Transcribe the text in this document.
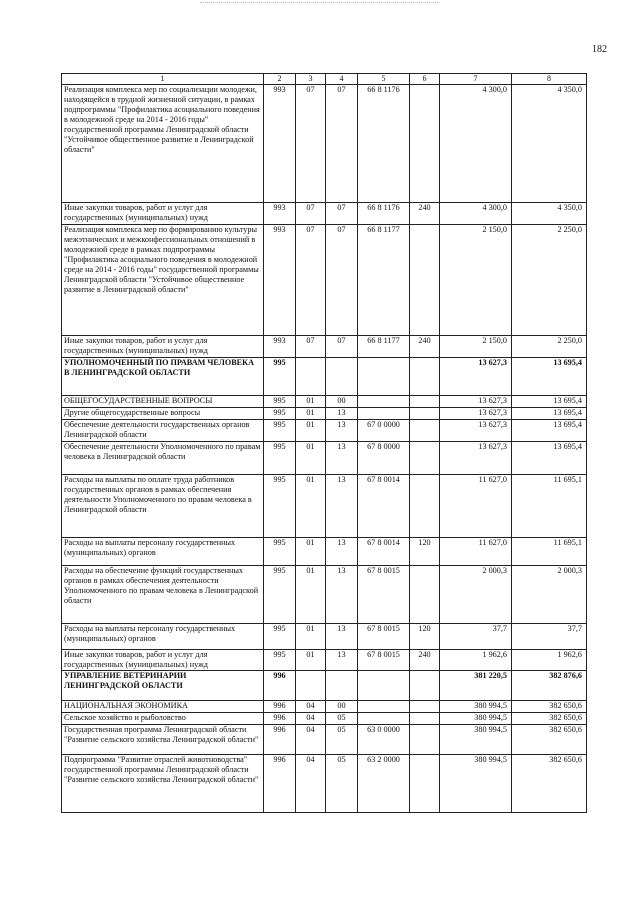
182
1	2	3	4	5	6	7	8
Реализация комплекса мер по социализации молодежи, находящейся в трудной жизненной ситуации, в рамках подпрограммы "Профилактика асоциального поведения в молодежной среде на 2014 - 2016 годы" государственной программы Ленинградской области "Устойчивое общественное развитие в Ленинградской области"	993	07	07	66 8 1176		4 300,0	4 350,0
Иные закупки товаров, работ и услуг для государственных (муниципальных) нужд	993	07	07	66 8 1176	240	4 300,0	4 350,0
Реализация комплекса мер по формированию культуры межэтнических и межконфессиональных отношений в молодежной среде в рамках подпрограммы "Профилактика асоциального поведения в молодежной среде на 2014 - 2016 годы" государственной программы Ленинградской области "Устойчивое общественное развитие в Ленинградской области"	993	07	07	66 8 1177		2 150,0	2 250,0
Иные закупки товаров, работ и услуг для государственных (муниципальных) нужд	993	07	07	66 8 1177	240	2 150,0	2 250,0
УПОЛНОМОЧЕННЫЙ ПО ПРАВАМ ЧЕЛОВЕКА В ЛЕНИНГРАДСКОЙ ОБЛАСТИ	995					13 627,3	13 695,4
ОБЩЕГОСУДАРСТВЕННЫЕ ВОПРОСЫ	995	01	00			13 627,3	13 695,4
Другие общегосударственные вопросы	995	01	13			13 627,3	13 695,4
Обеспечение деятельности государственных органов Ленинградской области	995	01	13	67 0 0000		13 627,3	13 695,4
Обеспечение деятельности Уполномоченного по правам человека в Ленинградской области	995	01	13	67 8 0000		13 627,3	13 695,4
Расходы на выплаты по оплате труда работников государственных органов в рамках обеспечения деятельности Уполномоченного по правам человека в Ленинградской области	995	01	13	67 8 0014		11 627,0	11 695,1
Расходы на выплаты персоналу государственных (муниципальных) органов	995	01	13	67 8 0014	120	11 627,0	11 695,1
Расходы на обеспечение функций государственных органов в рамках обеспечения деятельности Уполномоченного по правам человека в Ленинградской области	995	01	13	67 8 0015		2 000,3	2 000,3
Расходы на выплаты персоналу государственных (муниципальных) органов	995	01	13	67 8 0015	120	37,7	37,7
Иные закупки товаров, работ и услуг для государственных (муниципальных) нужд	995	01	13	67 8 0015	240	1 962,6	1 962,6
УПРАВЛЕНИЕ ВЕТЕРИНАРИИ ЛЕНИНГРАДСКОЙ ОБЛАСТИ	996					381 220,5	382 876,6
НАЦИОНАЛЬНАЯ ЭКОНОМИКА	996	04	00			380 994,5	382 650,6
Сельское хозяйство и рыболовство	996	04	05			380 994,5	382 650,6
Государственная программа Ленинградской области "Развитие сельского хозяйства Ленинградской области"	996	04	05	63 0 0000		380 994,5	382 650,6
Подпрограмма "Развитие отраслей животноводства" государственной программы Ленинградской области "Развитие сельского хозяйства Ленинградской области"	996	04	05	63 2 0000		380 994,5	382 650,6
